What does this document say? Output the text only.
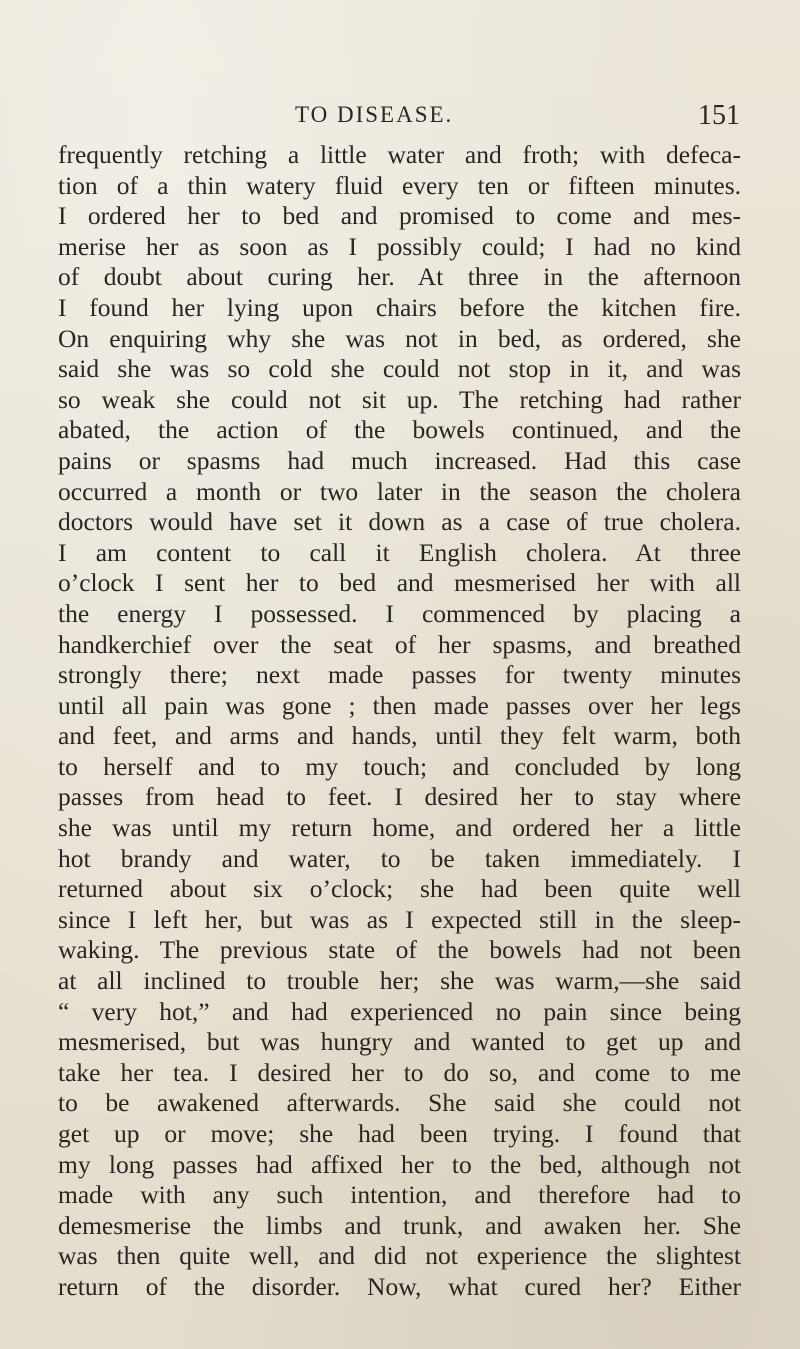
TO DISEASE.	151
frequently retching a little water and froth; with defeca-
tion of a thin watery fluid every ten or fifteen minutes.
I ordered her to bed and promised to come and mes-
merise her as soon as I possibly could; I had no kind
of doubt about curing her. At three in the afternoon
I found her lying upon chairs before the kitchen fire.
On enquiring why she was not in bed, as ordered, she
said she was so cold she could not stop in it, and was
so weak she could not sit up. The retching had rather
abated, the action of the bowels continued, and the
pains or spasms had much increased. Had this case
occurred a month or two later in the season the cholera
doctors would have set it down as a case of true cholera.
I am content to call it English cholera. At three
o’clock I sent her to bed and mesmerised her with all
the energy I possessed. I commenced by placing a
handkerchief over the seat of her spasms, and breathed
strongly there; next made passes for twenty minutes
until all pain was gone ; then made passes over her legs
and feet, and arms and hands, until they felt warm, both
to herself and to my touch; and concluded by long
passes from head to feet. I desired her to stay where
she was until my return home, and ordered her a little
hot brandy and water, to be taken immediately. I
returned about six o’clock; she had been quite well
since I left her, but was as I expected still in the sleep-
waking. The previous state of the bowels had not been
at all inclined to trouble her; she was warm,—she said
“ very hot,” and had experienced no pain since being
mesmerised, but was hungry and wanted to get up and
take her tea. I desired her to do so, and come to me
to be awakened afterwards. She said she could not
get up or move; she had been trying. I found that
my long passes had affixed her to the bed, although not
made with any such intention, and therefore had to
demesmerise the limbs and trunk, and awaken her. She
was then quite well, and did not experience the slightest
return of the disorder. Now, what cured her? Either
